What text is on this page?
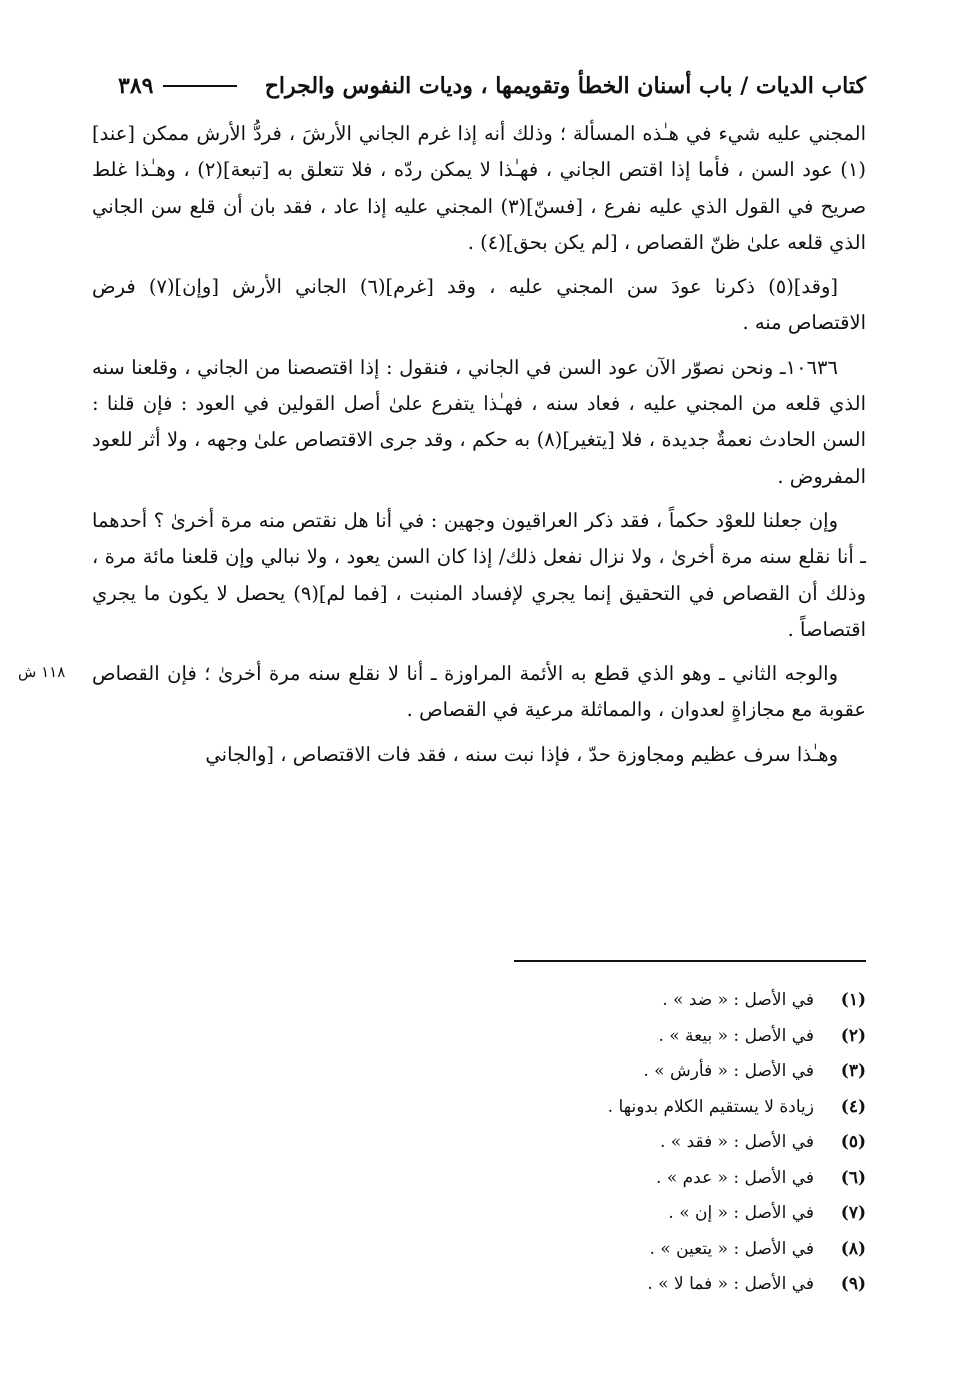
كتاب الديات / باب أسنان الخطأ وتقويمها ، وديات النفوس والجراح
٣٨٩
١١٨ ش

المجني عليه شيء في هـٰذه المسألة ؛ وذلك أنه إذا غرم الجاني الأرشَ ، فردُّ الأرش ممكن [عند](١) عود السن ، فأما إذا اقتص الجاني ، فهـٰذا لا يمكن ردّه ، فلا تتعلق به [تبعة](٢) ، وهـٰذا غلط صريح في القول الذي عليه نفرع ، [فسنّ](٣) المجني عليه إذا عاد ، فقد بان أن قلع سن الجاني الذي قلعه علىٰ ظنّ القصاص ، [لم يكن بحق](٤) .

[وقد](٥) ذكرنا عودَ سن المجني عليه ، وقد [غرم](٦) الجاني الأرش [وإن](٧) فرض الاقتصاص منه .

١٠٦٣٦ـ ونحن نصوّر الآن عود السن في الجاني ، فنقول : إذا اقتصصنا من الجاني ، وقلعنا سنه الذي قلعه من المجني عليه ، فعاد سنه ، فهـٰذا يتفرع علىٰ أصل القولين في العود : فإن قلنا : السن الحادث نعمةٌ جديدة ، فلا [يتغير](٨) به حكم ، وقد جرى الاقتصاص علىٰ وجهه ، ولا أثر للعود المفروض .

وإن جعلنا للعوْد حكماً ، فقد ذكر العراقيون وجهين : في أنا هل نقتص منه مرة أخرىٰ ؟ أحدهما ـ أنا نقلع سنه مرة أخرىٰ ، ولا نزال نفعل ذلك/ إذا كان السن يعود ، ولا نبالي وإن قلعنا مائة مرة ، وذلك أن القصاص في التحقيق إنما يجري لإفساد المنبت ، [فما لم](٩) يحصل لا يكون ما يجري اقتصاصاً .

والوجه الثاني ـ وهو الذي قطع به الأئمة المراوزة ـ أنا لا نقلع سنه مرة أخرىٰ ؛ فإن القصاص عقوبة مع مجازاةٍ لعدوان ، والمماثلة مرعية في القصاص .

وهـٰذا سرف عظيم ومجاوزة حدّ ، فإذا نبت سنه ، فقد فات الاقتصاص ، [والجاني

(١)
في الأصل : « ضد » .
(٢)
في الأصل : « بيعة » .
(٣)
في الأصل : « فأرش » .
(٤)
زيادة لا يستقيم الكلام بدونها .
(٥)
في الأصل : « فقد » .
(٦)
في الأصل : « عدم » .
(٧)
في الأصل : « إن » .
(٨)
في الأصل : « يتعين » .
(٩)
في الأصل : « فما لا » .
